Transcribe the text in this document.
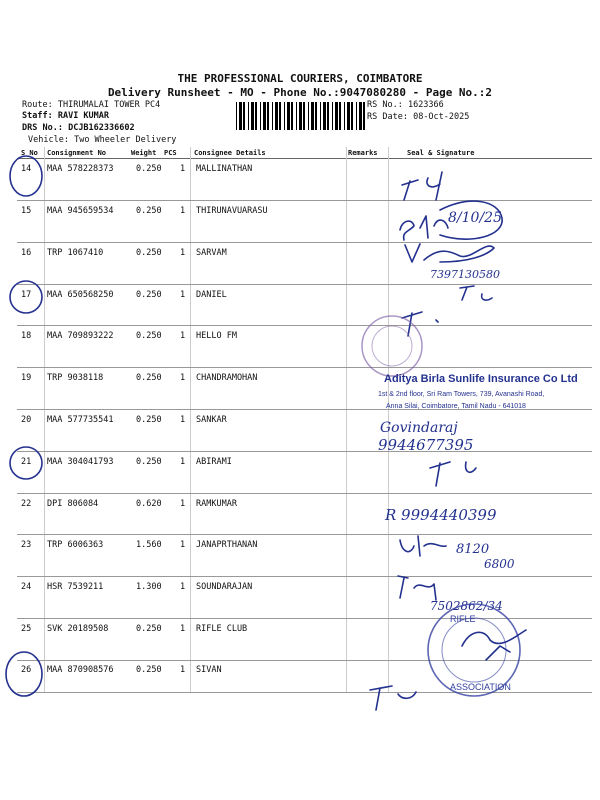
THE PROFESSIONAL COURIERS, COIMBATORE
Delivery Runsheet - MO - Phone No.:9047080280 - Page No.:2
Route: THIRUMALAI TOWER PC4
Staff: RAVI KUMAR
DRS No.: DCJB162336602
Vehicle: Two Wheeler Delivery
RS No.: 1623366
RS Date: 08-Oct-2025
S No Consignment No	Weight PCS Consignee Details	Remarks	Seal & Signature
14 MAA 578228373	0.250 1 MALLINATHAN
15 MAA 945659534	0.250 1 THIRUNAVUARASU
16 TRP 1067410	0.250 1 SARVAM
17 MAA 650568250	0.250 1 DANIEL
18 MAA 709893222	0.250 1 HELLO FM
19 TRP 9038118	0.250 1 CHANDRAMOHAN
20 MAA 577735541	0.250 1 SANKAR
21 MAA 304041793	0.250 1 ABIRAMI
22 DPI 806084	0.620 1 RAMKUMAR
23 TRP 6006363	1.560 1 JANAPRTHANAN
24 HSR 7539211	1.300 1 SOUNDARAJAN
25 SVK 20189508	0.250 1 RIFLE CLUB
26 MAA 870908576	0.250 1 SIVAN
8/10/25
7397130580
Aditya Birla Sunlife Insurance Co Ltd
1st & 2nd floor, Sri Ram Towers, 739, Avanashi Road,
Anna Silai, Coimbatore, Tamil Nadu - 641018
Govindaraj
9944677395
R 9994440399
8120
6800
7502862/34
RIFLE
ASSOCIATION
